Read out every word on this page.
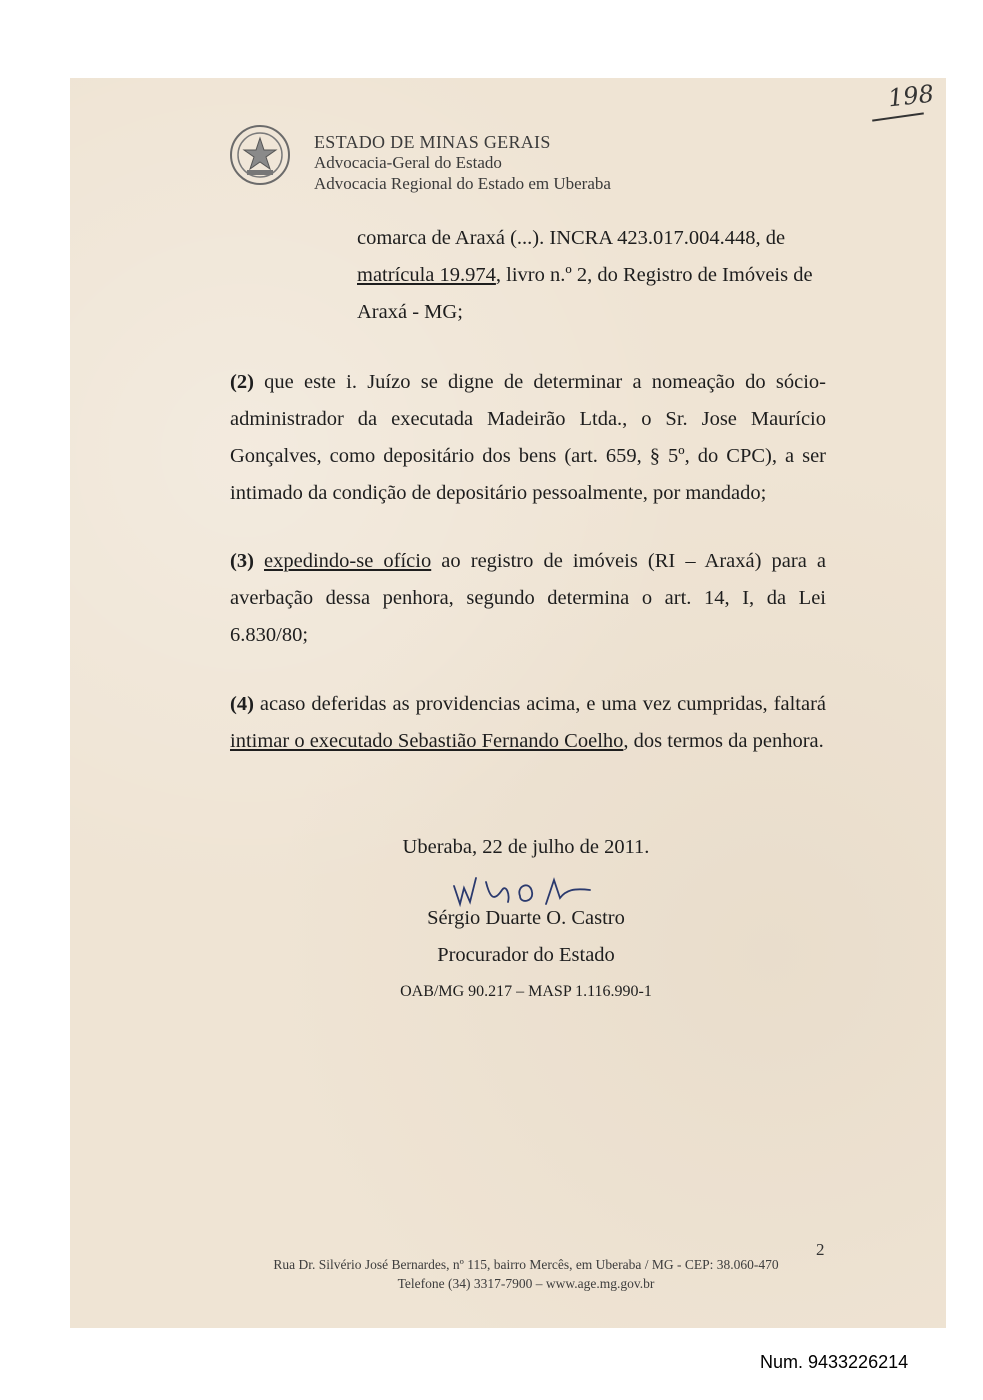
198
ESTADO DE MINAS GERAIS
Advocacia-Geral do Estado
Advocacia Regional do Estado em Uberaba
comarca de Araxá (...). INCRA 423.017.004.448, de
matrícula 19.974, livro n.º 2, do Registro de Imóveis de
Araxá - MG;
(2) que este i. Juízo se digne de determinar a nomeação do sócio-administrador da executada Madeirão Ltda., o Sr. Jose Maurício Gonçalves, como depositário dos bens (art. 659, § 5º, do CPC), a ser intimado da condição de depositário pessoalmente, por mandado;
(3) expedindo-se ofício ao registro de imóveis (RI – Araxá) para a averbação dessa penhora, segundo determina o art. 14, I, da Lei 6.830/80;
(4) acaso deferidas as providencias acima, e uma vez cumpridas, faltará intimar o executado Sebastião Fernando Coelho, dos termos da penhora.
Uberaba, 22 de julho de 2011.
Sérgio Duarte O. Castro
Procurador do Estado
OAB/MG 90.217 – MASP 1.116.990-1
Rua Dr. Silvério José Bernardes, nº 115, bairro Mercês, em Uberaba / MG - CEP: 38.060-470
Telefone (34) 3317-7900 – www.age.mg.gov.br
2
Num. 9433226214
